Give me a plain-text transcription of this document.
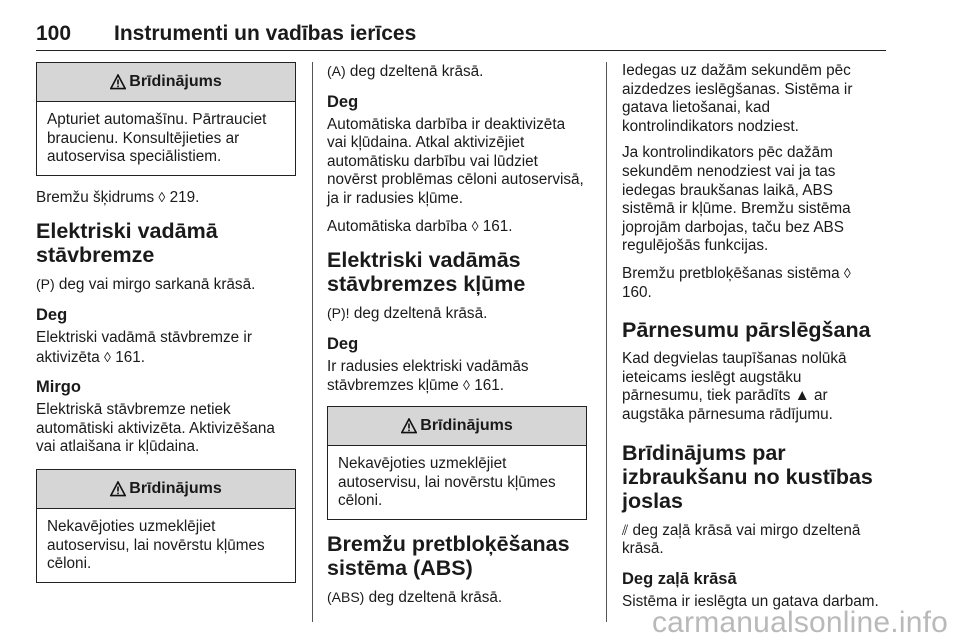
100 Instrumenti un vadības ierīces
Brīdinājums
Apturiet automašīnu. Pārtrauciet braucienu. Konsultējieties ar autoservisa speciālistiem.

Bremžu šķidrums ◊ 219.

Elektriski vadāmā stāvbremze

(P) deg vai mirgo sarkanā krāsā.

Deg

Elektriski vadāmā stāvbremze ir aktivizēta ◊ 161.

Mirgo

Elektriskā stāvbremze netiek automātiski aktivizēta. Aktivizēšana vai atlaišana ir kļūdaina.

Brīdinājums
Nekavējoties uzmeklējiet autoservisu, lai novērstu kļūmes cēloni.

(A) deg dzeltenā krāsā.

Deg

Automātiska darbība ir deaktivizēta vai kļūdaina. Atkal aktivizējiet automātisku darbību vai lūdziet novērst problēmas cēloni autoservisā, ja ir radusies kļūme.

Automātiska darbība ◊ 161.

Elektriski vadāmās stāvbremzes kļūme

(P)! deg dzeltenā krāsā.

Deg

Ir radusies elektriski vadāmās stāvbremzes kļūme ◊ 161.

Brīdinājums
Nekavējoties uzmeklējiet autoservisu, lai novērstu kļūmes cēloni.
Bremžu pretbloķēšanas sistēma (ABS)

(ABS) deg dzeltenā krāsā.

Iedegas uz dažām sekundēm pēc aizdedzes ieslēgšanas. Sistēma ir gatava lietošanai, kad kontrolindikators nodziest.

Ja kontrolindikators pēc dažām sekundēm nenodziest vai ja tas iedegas braukšanas laikā, ABS sistēmā ir kļūme. Bremžu sistēma joprojām darbojas, taču bez ABS regulējošās funkcijas.

Bremžu pretbloķēšanas sistēma ◊ 160.

Pārnesumu pārslēgšana

Kad degvielas taupīšanas nolūkā ieteicams ieslēgt augstāku pārnesumu, tiek parādīts ▲ ar augstāka pārnesuma rādījumu.

Brīdinājums par izbraukšanu no kustības joslas

⫽ deg zaļā krāsā vai mirgo dzeltenā krāsā.

Deg zaļā krāsā

Sistēma ir ieslēgta un gatava darbam.

carmanualsonline.info
